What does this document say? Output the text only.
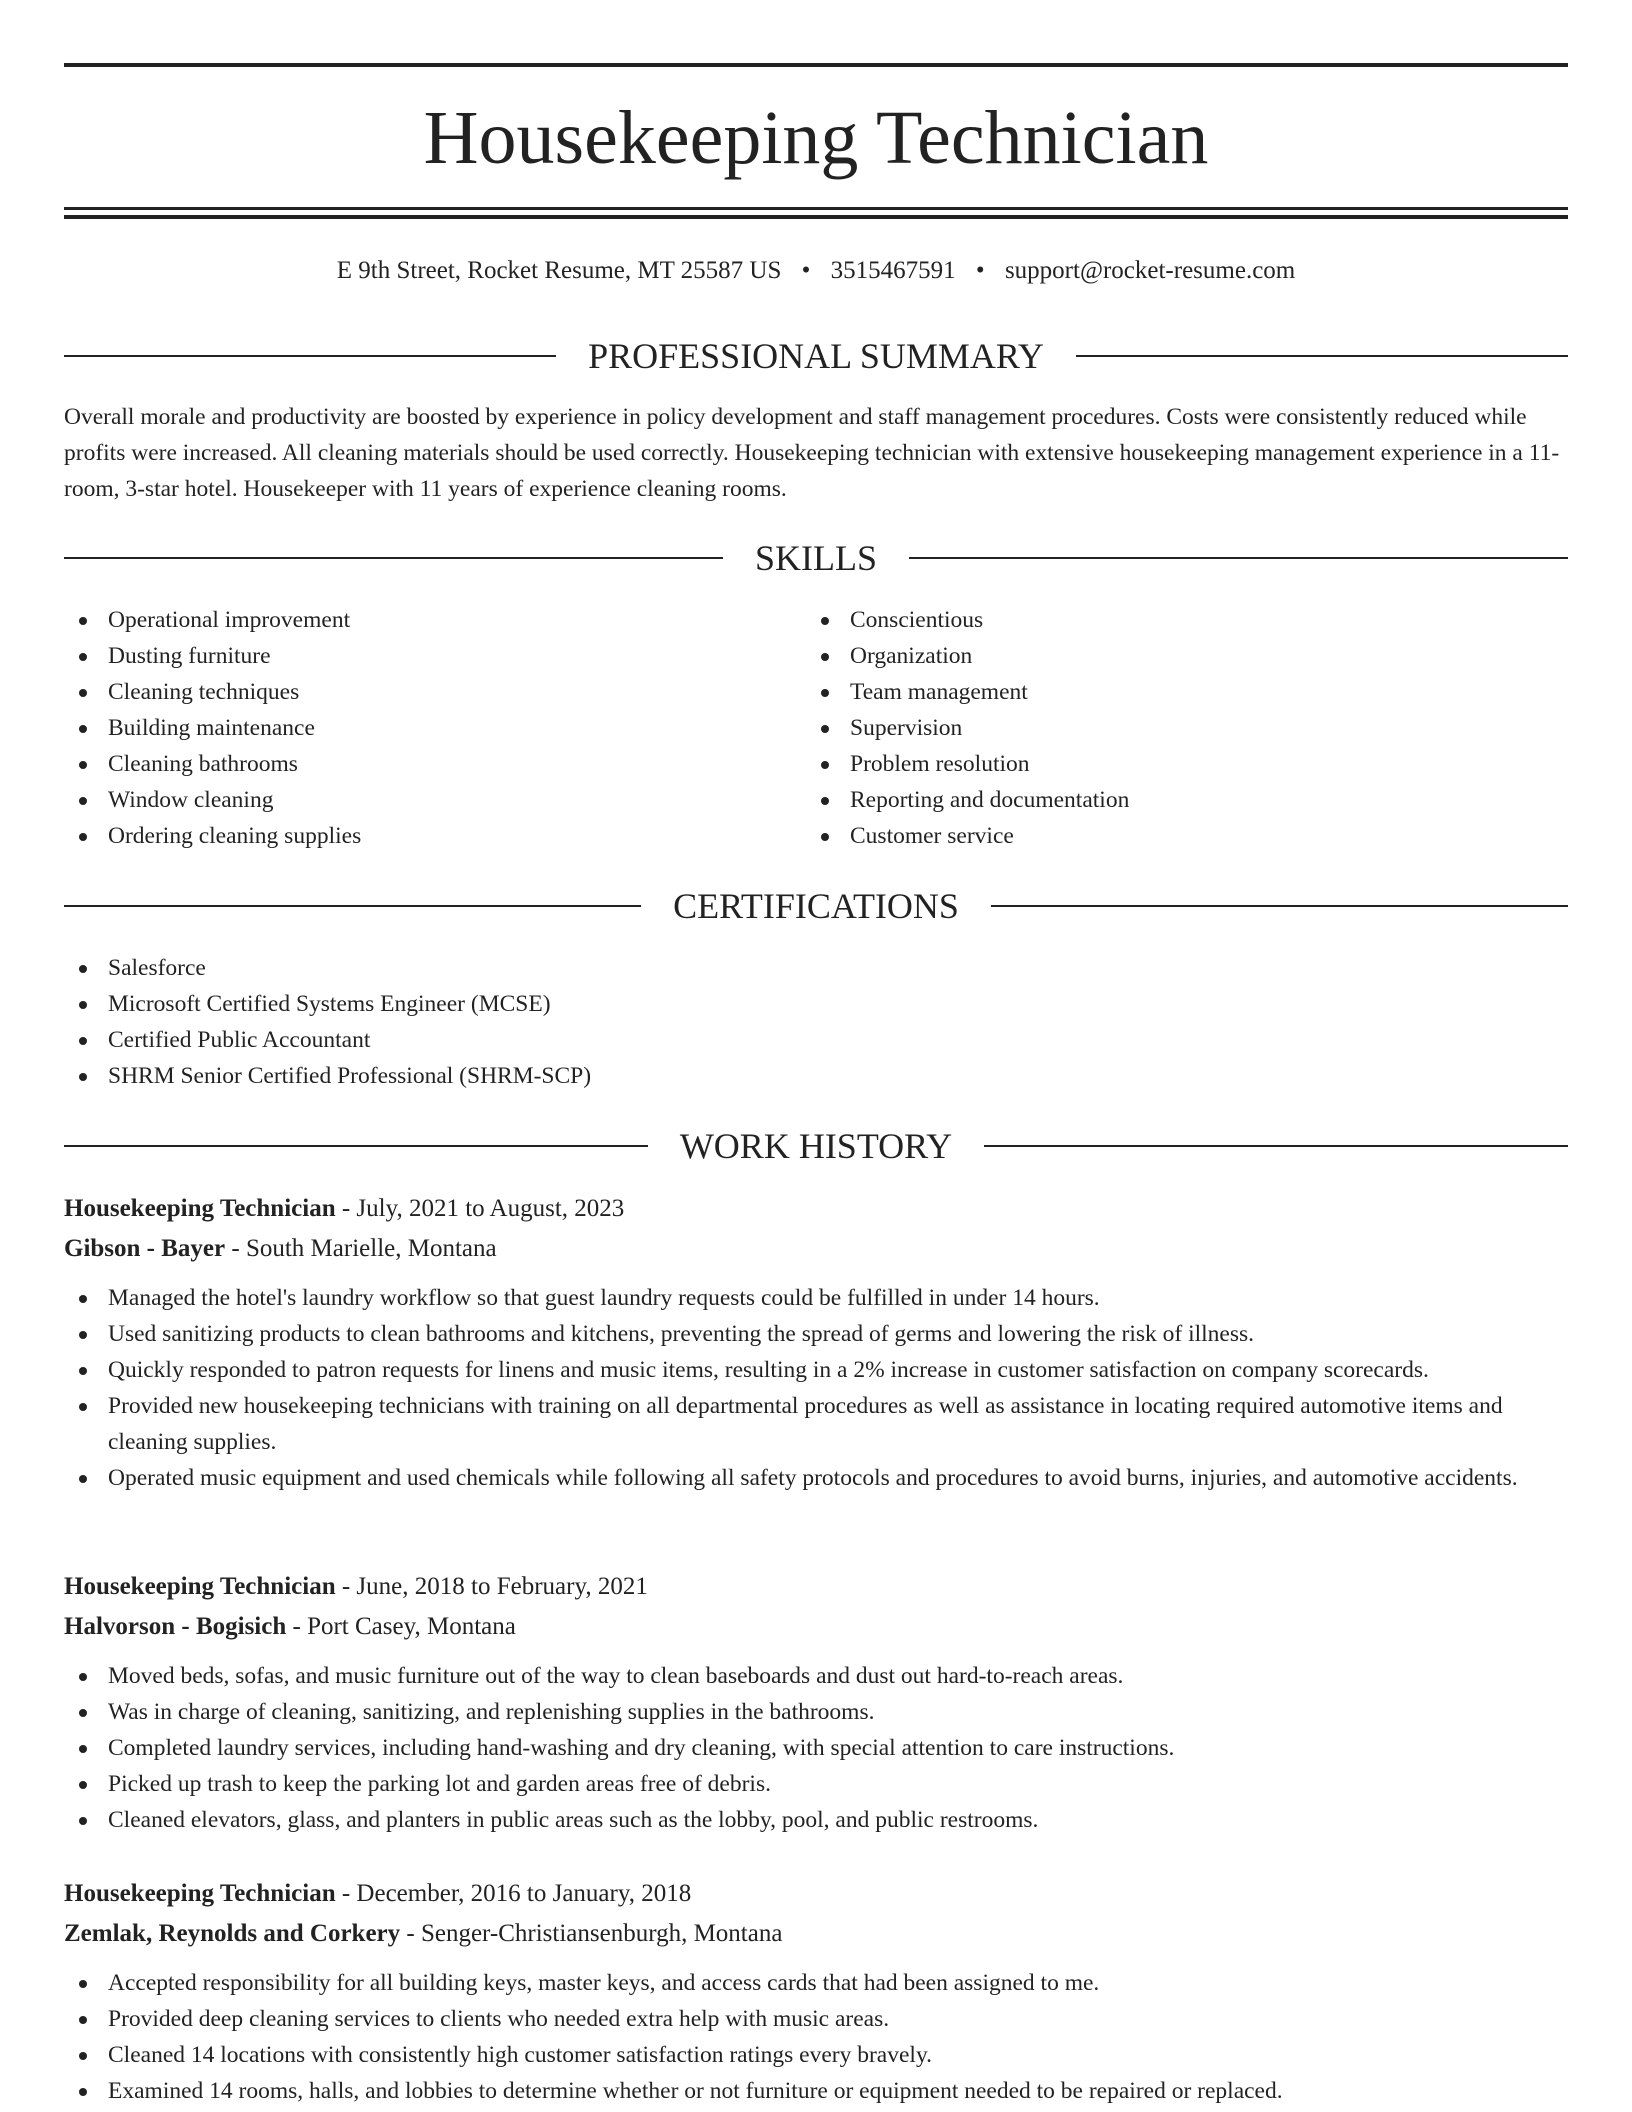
Housekeeping Technician
E 9th Street, Rocket Resume, MT 25587 US • 3515467591 • support@rocket-resume.com
PROFESSIONAL SUMMARY

Overall morale and productivity are boosted by experience in policy development and staff management procedures. Costs were consistently reduced while profits were increased. All cleaning materials should be used correctly. Housekeeping technician with extensive housekeeping management experience in a 11-room, 3-star hotel. Housekeeper with 11 years of experience cleaning rooms.

SKILLS
Operational improvement
Dusting furniture
Cleaning techniques
Building maintenance
Cleaning bathrooms
Window cleaning
Ordering cleaning supplies
Conscientious
Organization
Team management
Supervision
Problem resolution
Reporting and documentation
Customer service
CERTIFICATIONS
Salesforce
Microsoft Certified Systems Engineer (MCSE)
Certified Public Accountant
SHRM Senior Certified Professional (SHRM-SCP)
WORK HISTORY
Housekeeping Technician - July, 2021 to August, 2023
Gibson - Bayer - South Marielle, Montana
Managed the hotel's laundry workflow so that guest laundry requests could be fulfilled in under 14 hours.
Used sanitizing products to clean bathrooms and kitchens, preventing the spread of germs and lowering the risk of illness.
Quickly responded to patron requests for linens and music items, resulting in a 2% increase in customer satisfaction on company scorecards.
Provided new housekeeping technicians with training on all departmental procedures as well as assistance in locating required automotive items and cleaning supplies.
Operated music equipment and used chemicals while following all safety protocols and procedures to avoid burns, injuries, and automotive accidents.
Housekeeping Technician - June, 2018 to February, 2021
Halvorson - Bogisich - Port Casey, Montana
Moved beds, sofas, and music furniture out of the way to clean baseboards and dust out hard-to-reach areas.
Was in charge of cleaning, sanitizing, and replenishing supplies in the bathrooms.
Completed laundry services, including hand-washing and dry cleaning, with special attention to care instructions.
Picked up trash to keep the parking lot and garden areas free of debris.
Cleaned elevators, glass, and planters in public areas such as the lobby, pool, and public restrooms.
Housekeeping Technician - December, 2016 to January, 2018
Zemlak, Reynolds and Corkery - Senger-Christiansenburgh, Montana
Accepted responsibility for all building keys, master keys, and access cards that had been assigned to me.
Provided deep cleaning services to clients who needed extra help with music areas.
Cleaned 14 locations with consistently high customer satisfaction ratings every bravely.
Examined 14 rooms, halls, and lobbies to determine whether or not furniture or equipment needed to be repaired or replaced.
